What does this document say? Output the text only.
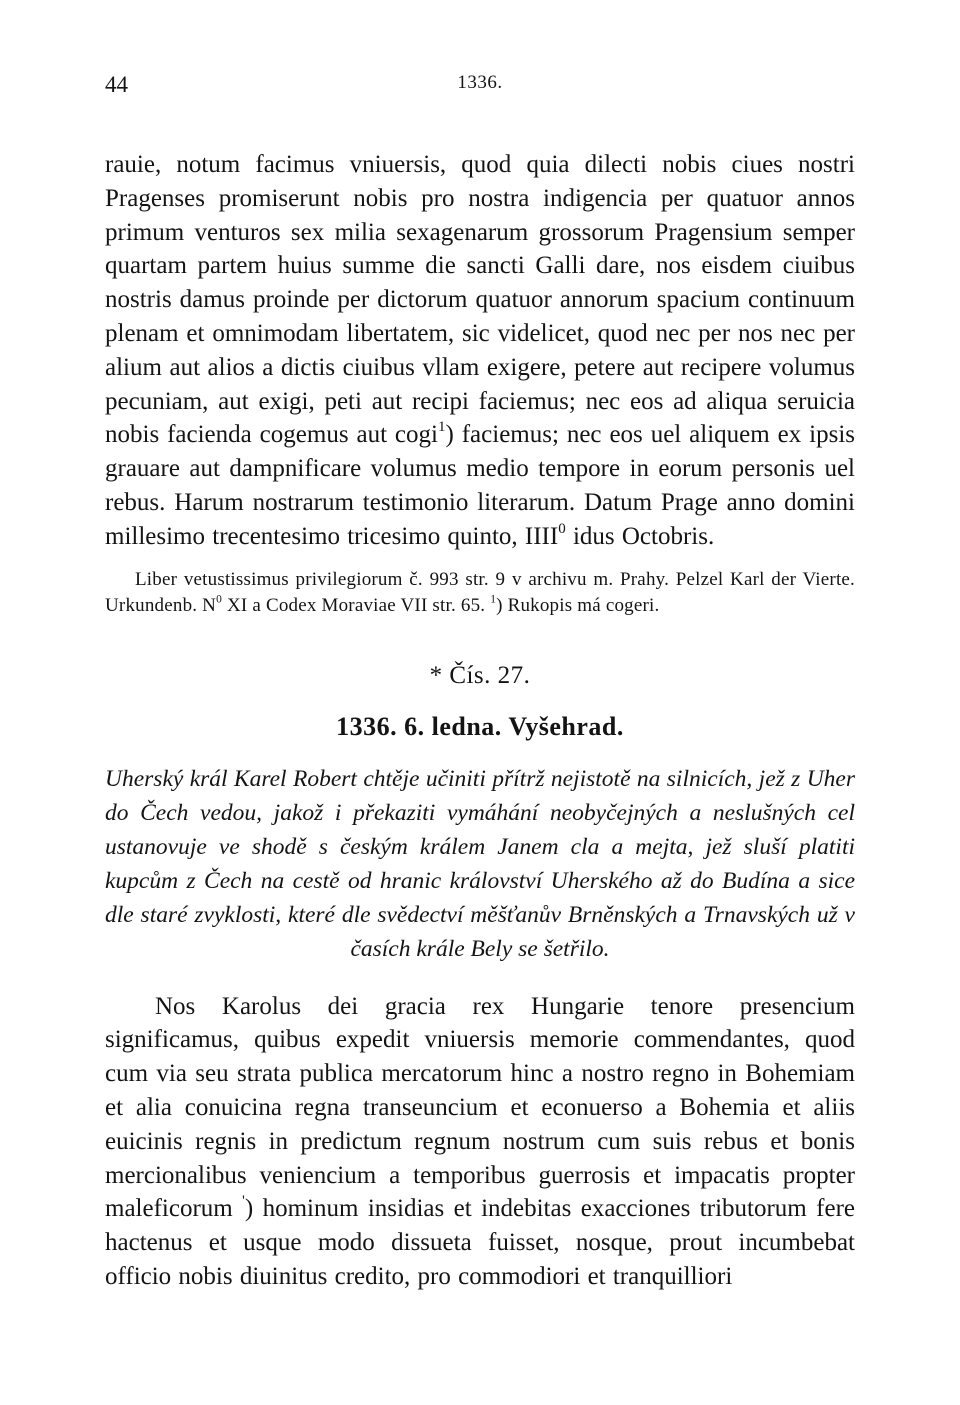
44	1336.

rauie, notum facimus vniuersis, quod quia dilecti nobis ciues nostri Pragenses promiserunt nobis pro nostra indigencia per quatuor annos primum venturos sex milia sexagenarum grossorum Pragensium semper quartam partem huius summe die sancti Galli dare, nos eisdem ciuibus nostris damus proinde per dictorum quatuor annorum spacium continuum plenam et omnimodam libertatem, sic videlicet, quod nec per nos nec per alium aut alios a dictis ciuibus vllam exigere, petere aut recipere volumus pecuniam, aut exigi, peti aut recipi faciemus; nec eos ad aliqua seruicia nobis facienda cogemus aut cogi$^1$) faciemus; nec eos uel aliquem ex ipsis grauare aut dampnificare volumus medio tempore in eorum personis uel rebus. Harum nostrarum testimonio literarum. Datum Prage anno domini millesimo trecentesimo tricesimo quinto, IIII$^0$ idus Octobris.

Liber vetustissimus privilegiorum č. 993 str. 9 v archivu m. Prahy. Pelzel Karl der Vierte. Urkundenb. $N^0$ XI a Codex Moraviae VII str. 65. $^1$) Rukopis má cogeri.

* Čís. 27.
1336. 6. ledna. Vyšehrad.

Uherský král Karel Robert chtěje učiniti přítrž nejistotě na silnicích, jež z Uher do Čech vedou, jakož i překaziti vymáhání neobyčejných a neslušných cel ustanovuje ve shodě s českým králem Janem cla a mejta, jež sluší platiti kupcům z Čech na cestě od hranic království Uherského až do Budína a sice dle staré zvyklosti, které dle svědectví měšťanův Brněnských a Trnavských už v časích krále Bely se šetřilo.

Nos Karolus dei gracia rex Hungarie tenore presencium significamus, quibus expedit vniuersis memorie commendantes, quod cum via seu strata publica mercatorum hinc a nostro regno in Bohemiam et alia conuicina regna transeuncium et econuerso a Bohemia et aliis euicinis regnis in predictum regnum nostrum cum suis rebus et bonis mercionalibus veniencium a temporibus guerrosis et impacatis propter maleficorum ') hominum insidias et indebitas exacciones tributorum fere hactenus et usque modo dissueta fuisset, nosque, prout incumbebat officio nobis diuinitus credito, pro commodiori et tranquilliori
